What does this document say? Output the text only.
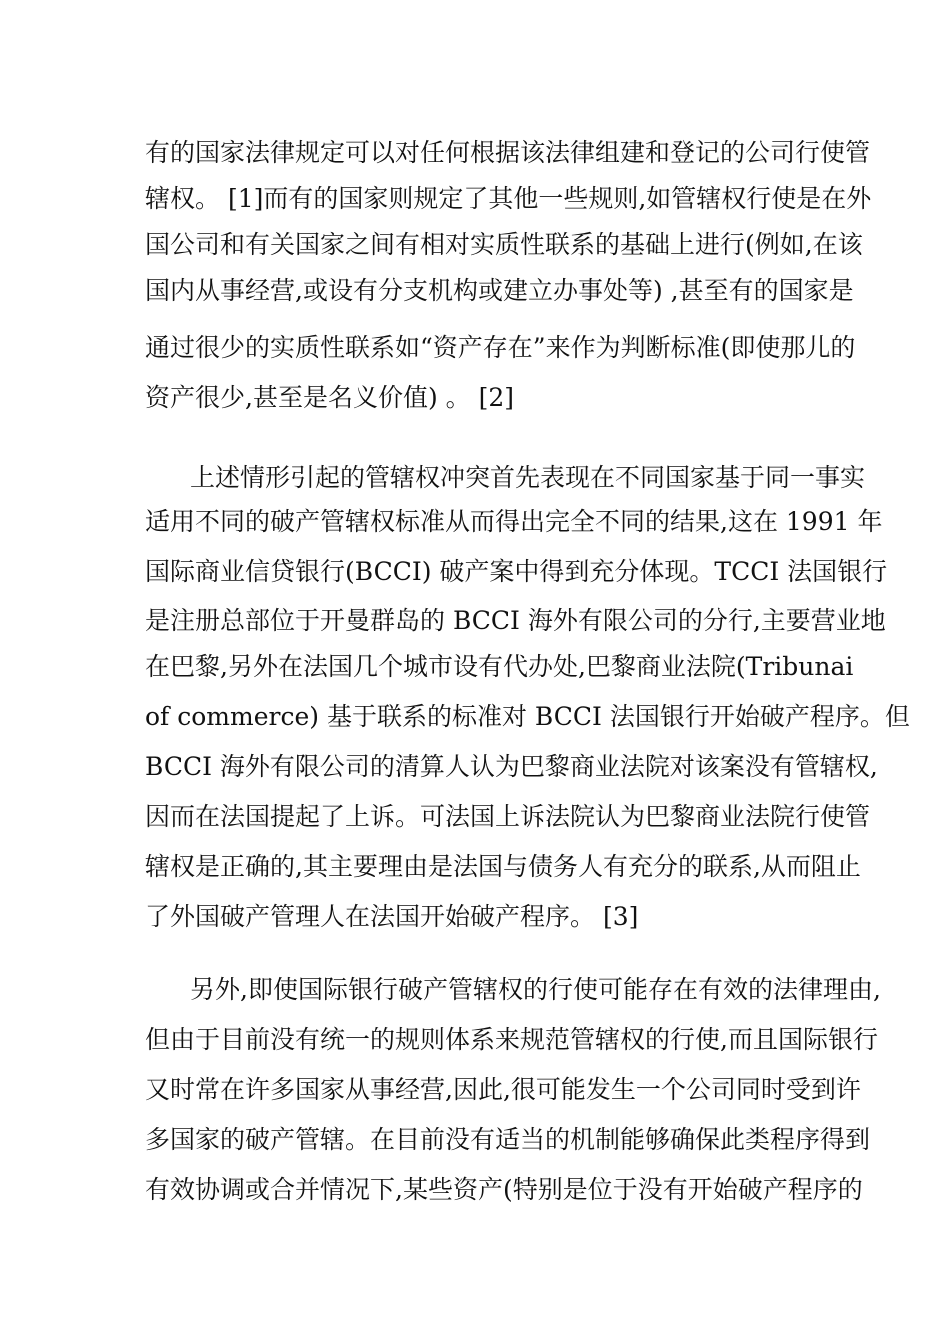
有的国家法律规定可以对任何根据该法律组建和登记的公司行使管
辖权。 [1]而有的国家则规定了其他一些规则,如管辖权行使是在外
国公司和有关国家之间有相对实质性联系的基础上进行(例如,在该
国内从事经营,或设有分支机构或建立办事处等) ,甚至有的国家是
通过很少的实质性联系如“资产存在”来作为判断标准(即使那儿的
资产很少,甚至是名义价值) 。 [2]
上述情形引起的管辖权冲突首先表现在不同国家基于同一事实
适用不同的破产管辖权标准从而得出完全不同的结果,这在 1991 年
国际商业信贷银行(BCCI) 破产案中得到充分体现。TCCI 法国银行
是注册总部位于开曼群岛的 BCCI 海外有限公司的分行,主要营业地
在巴黎,另外在法国几个城市设有代办处,巴黎商业法院(Tribunai
of commerce) 基于联系的标准对 BCCI 法国银行开始破产程序。但
BCCI 海外有限公司的清算人认为巴黎商业法院对该案没有管辖权,
因而在法国提起了上诉。可法国上诉法院认为巴黎商业法院行使管
辖权是正确的,其主要理由是法国与债务人有充分的联系,从而阻止
了外国破产管理人在法国开始破产程序。 [3]
另外,即使国际银行破产管辖权的行使可能存在有效的法律理由,
但由于目前没有统一的规则体系来规范管辖权的行使,而且国际银行
又时常在许多国家从事经营,因此,很可能发生一个公司同时受到许
多国家的破产管辖。在目前没有适当的机制能够确保此类程序得到
有效协调或合并情况下,某些资产(特别是位于没有开始破产程序的
